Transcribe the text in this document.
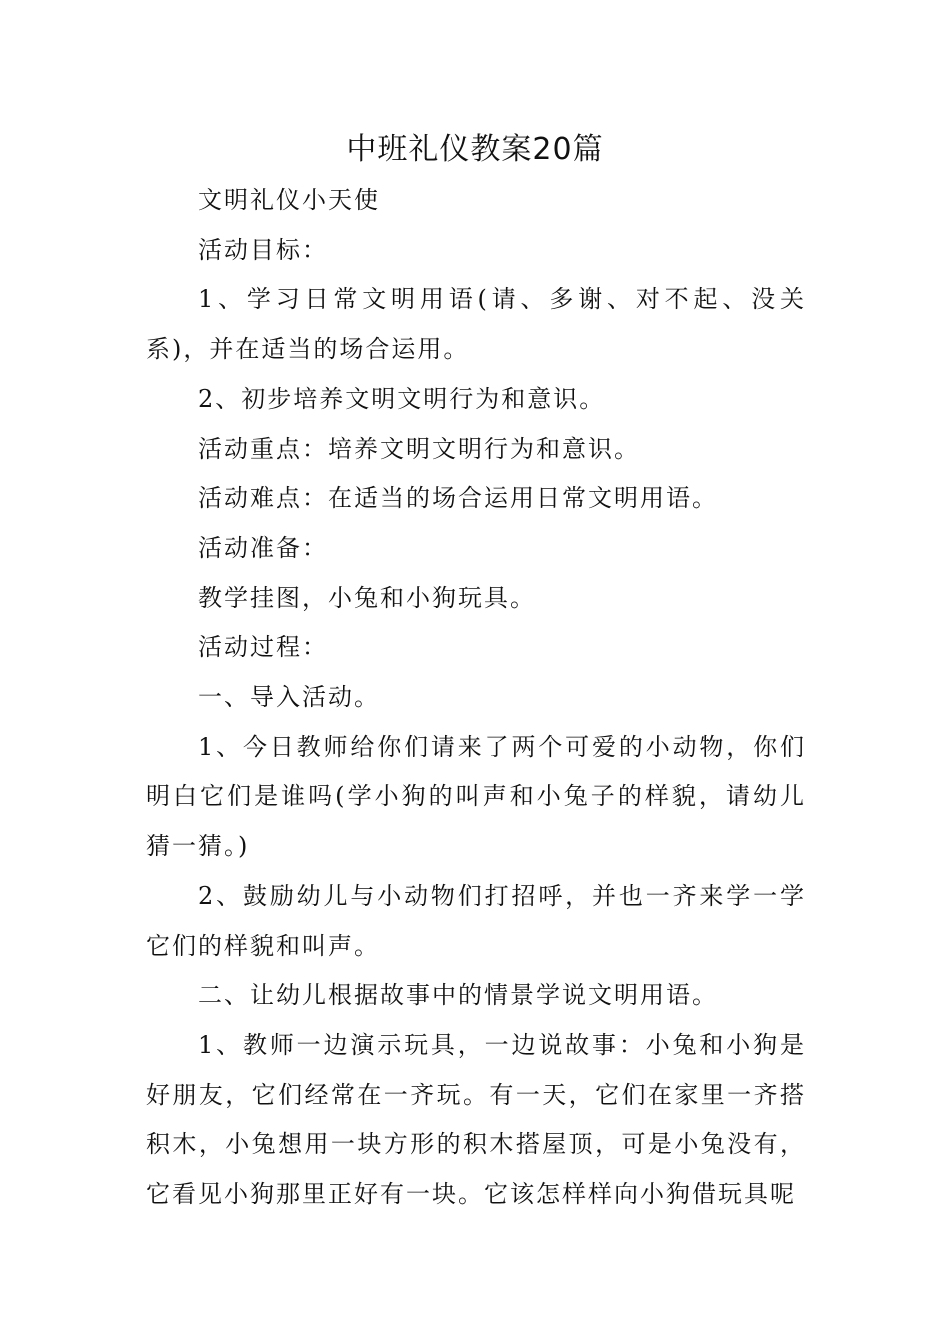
中班礼仪教案20篇

文明礼仪小天使

活动目标：

1、学习日常文明用语(请、多谢、对不起、没关系)，并在适当的场合运用。

2、初步培养文明文明行为和意识。

活动重点：培养文明文明行为和意识。

活动难点：在适当的场合运用日常文明用语。

活动准备：

教学挂图，小兔和小狗玩具。

活动过程：

一、导入活动。

1、今日教师给你们请来了两个可爱的小动物，你们明白它们是谁吗(学小狗的叫声和小兔子的样貌，请幼儿猜一猜。)

2、鼓励幼儿与小动物们打招呼，并也一齐来学一学它们的样貌和叫声。

二、让幼儿根据故事中的情景学说文明用语。

1、教师一边演示玩具，一边说故事：小兔和小狗是好朋友，它们经常在一齐玩。有一天，它们在家里一齐搭积木，小兔想用一块方形的积木搭屋顶，可是小兔没有，它看见小狗那里正好有一块。它该怎样样向小狗借玩具呢
